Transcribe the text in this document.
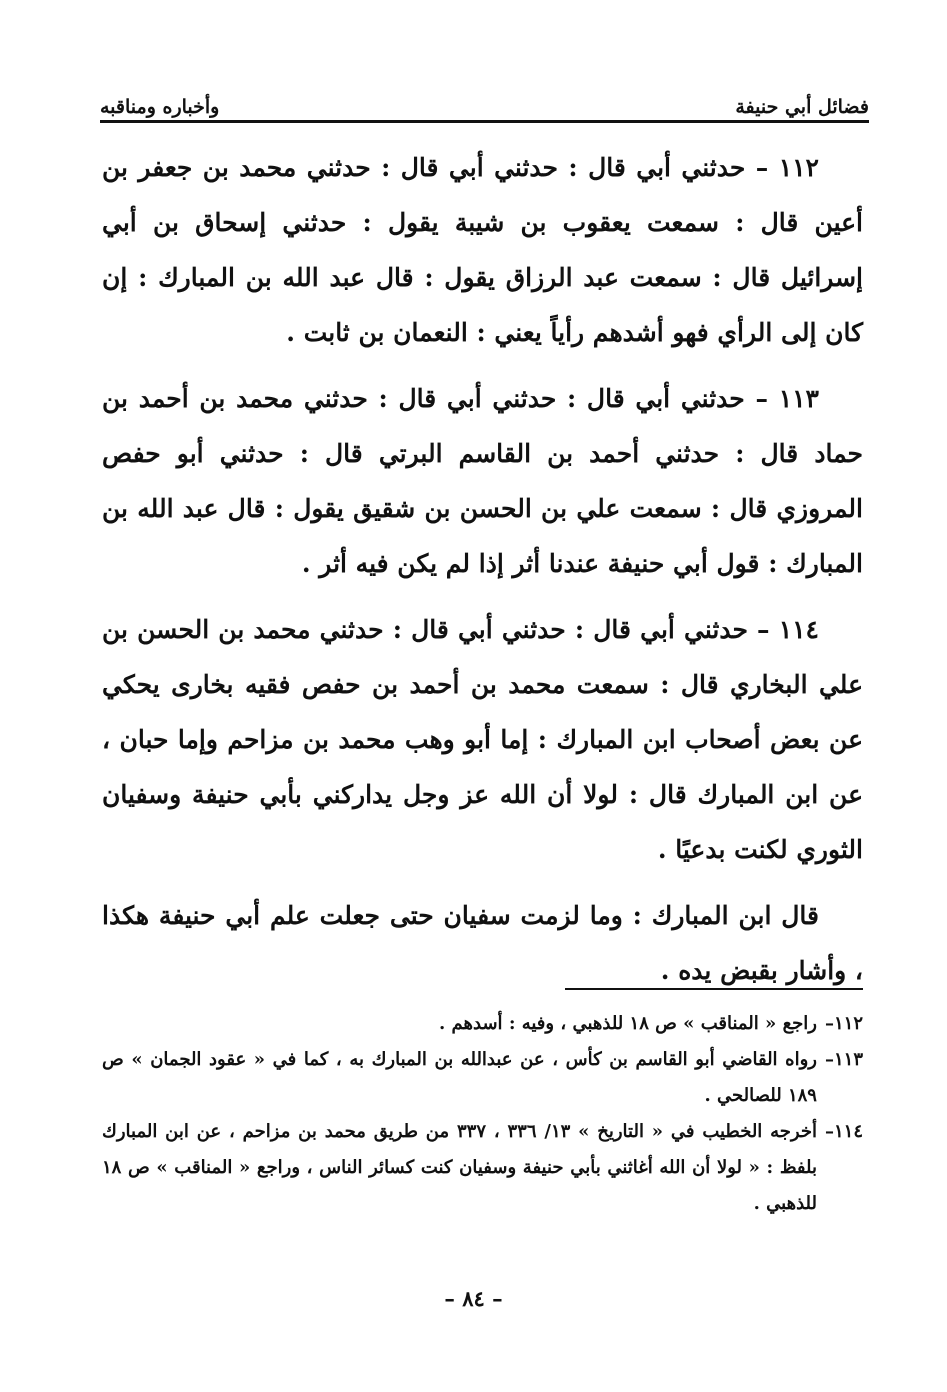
فضائل أبي حنيفة
وأخباره ومناقبه

١١٢ – حدثني أبي قال : حدثني أبي قال : حدثني محمد بن جعفر بن أعين قال : سمعت يعقوب بن شيبة يقول : حدثني إسحاق بن أبي إسرائيل قال : سمعت عبد الرزاق يقول : قال عبد الله بن المبارك : إن كان إلى الرأي فهو أشدهم رأياً يعني : النعمان بن ثابت .

١١٣ – حدثني أبي قال : حدثني أبي قال : حدثني محمد بن أحمد بن حماد قال : حدثني أحمد بن القاسم البرتي قال : حدثني أبو حفص المروزي قال : سمعت علي بن الحسن بن شقيق يقول : قال عبد الله بن المبارك : قول أبي حنيفة عندنا أثر إذا لم يكن فيه أثر .

١١٤ – حدثني أبي قال : حدثني أبي قال : حدثني محمد بن الحسن بن علي البخاري قال : سمعت محمد بن أحمد بن حفص فقيه بخارى يحكي عن بعض أصحاب ابن المبارك : إما أبو وهب محمد بن مزاحم وإما حبان ، عن ابن المبارك قال : لولا أن الله عز وجل يداركني بأبي حنيفة وسفيان الثوري لكنت بدعيًا .

قال ابن المبارك : وما لزمت سفيان حتى جعلت علم أبي حنيفة هكذا ، وأشار بقبض يده .

١١٢–
راجع « المناقب » ص ١٨ للذهبي ، وفيه : أسدهم .
١١٣–
رواه القاضي أبو القاسم بن كأس ، عن عبدالله بن المبارك به ، كما في « عقود الجمان » ص ١٨٩ للصالحي .
١١٤–
أخرجه الخطيب في « التاريخ » ١٣/ ٣٣٦ ، ٣٣٧ من طريق محمد بن مزاحم ، عن ابن المبارك بلفظ : « لولا أن الله أغاثني بأبي حنيفة وسفيان كنت كسائر الناس ، وراجع « المناقب » ص ١٨ للذهبي .
– ٨٤ –
